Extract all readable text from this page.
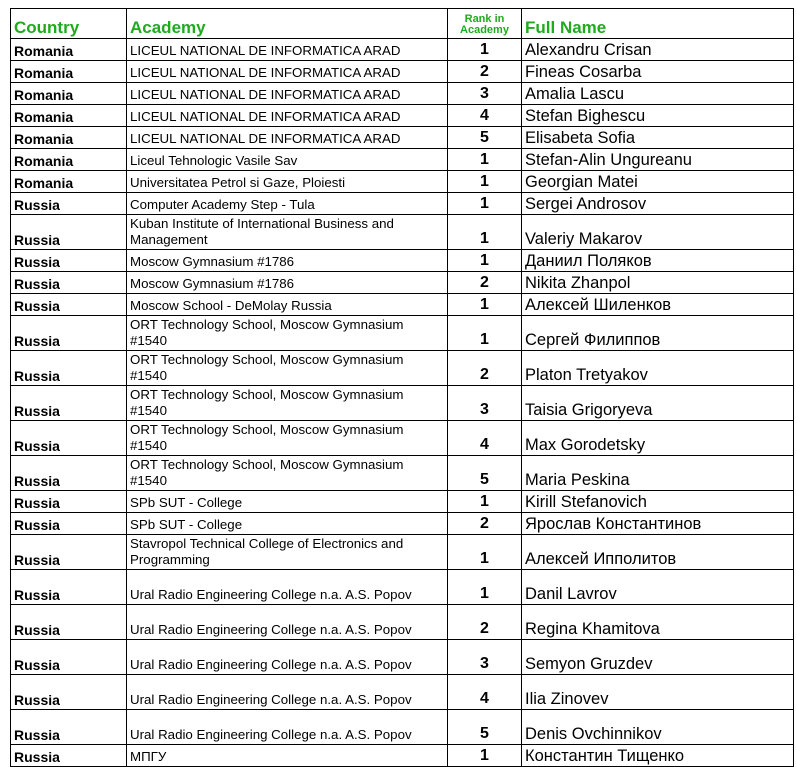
Country	Academy	Rank in Academy	Full Name
Romania	LICEUL NATIONAL DE INFORMATICA ARAD	1	Alexandru Crisan
Romania	LICEUL NATIONAL DE INFORMATICA ARAD	2	Fineas Cosarba
Romania	LICEUL NATIONAL DE INFORMATICA ARAD	3	Amalia Lascu
Romania	LICEUL NATIONAL DE INFORMATICA ARAD	4	Stefan Bighescu
Romania	LICEUL NATIONAL DE INFORMATICA ARAD	5	Elisabeta Sofia
Romania	Liceul Tehnologic Vasile Sav	1	Stefan-Alin Ungureanu
Romania	Universitatea Petrol si Gaze, Ploiesti	1	Georgian Matei
Russia	Computer Academy Step - Tula	1	Sergei Androsov
Russia	Kuban Institute of International Business and Management	1	Valeriy Makarov
Russia	Moscow Gymnasium #1786	1	Даниил Поляков
Russia	Moscow Gymnasium #1786	2	Nikita Zhanpol
Russia	Moscow School - DeMolay Russia	1	Алексей Шиленков
Russia	ORT Technology School, Moscow Gymnasium #1540	1	Сергей Филиппов
Russia	ORT Technology School, Moscow Gymnasium #1540	2	Platon Tretyakov
Russia	ORT Technology School, Moscow Gymnasium #1540	3	Taisia Grigoryeva
Russia	ORT Technology School, Moscow Gymnasium #1540	4	Max Gorodetsky
Russia	ORT Technology School, Moscow Gymnasium #1540	5	Maria Peskina
Russia	SPb SUT - College	1	Kirill Stefanovich
Russia	SPb SUT - College	2	Ярослав Константинов
Russia	Stavropol Technical College of Electronics and Programming	1	Алексей Ипполитов
Russia	Ural Radio Engineering College n.a. A.S. Popov	1	Danil Lavrov
Russia	Ural Radio Engineering College n.a. A.S. Popov	2	Regina Khamitova
Russia	Ural Radio Engineering College n.a. A.S. Popov	3	Semyon Gruzdev
Russia	Ural Radio Engineering College n.a. A.S. Popov	4	Ilia Zinovev
Russia	Ural Radio Engineering College n.a. A.S. Popov	5	Denis Ovchinnikov
Russia	МПГУ	1	Константин Тищенко
